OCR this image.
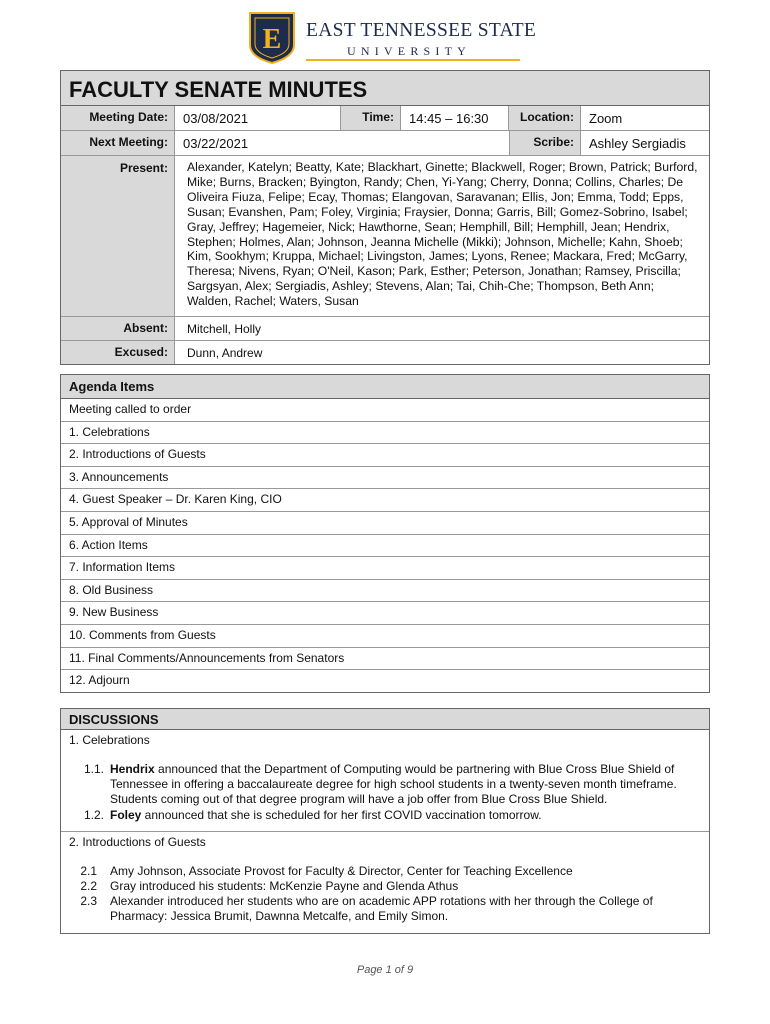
E EAST TENNESSEE STATE
UNIVERSITY
FACULTY SENATE MINUTES
Meeting Date:	03/08/2021	Time:	14:45 – 16:30	Location:	Zoom
Next Meeting:	03/22/2021	Scribe:	Ashley Sergiadis
Present:	Alexander, Katelyn; Beatty, Kate; Blackhart, Ginette; Blackwell, Roger; Brown, Patrick; Burford, Mike; Burns, Bracken; Byington, Randy; Chen, Yi-Yang; Cherry, Donna; Collins, Charles; De Oliveira Fiuza, Felipe; Ecay, Thomas; Elangovan, Saravanan; Ellis, Jon; Emma, Todd; Epps, Susan; Evanshen, Pam; Foley, Virginia; Fraysier, Donna; Garris, Bill; Gomez-Sobrino, Isabel; Gray, Jeffrey; Hagemeier, Nick; Hawthorne, Sean; Hemphill, Bill; Hemphill, Jean; Hendrix, Stephen; Holmes, Alan; Johnson, Jeanna Michelle (Mikki); Johnson, Michelle; Kahn, Shoeb; Kim, Sookhym; Kruppa, Michael; Livingston, James; Lyons, Renee; Mackara, Fred; McGarry, Theresa; Nivens, Ryan; O'Neil, Kason; Park, Esther; Peterson, Jonathan; Ramsey, Priscilla; Sargsyan, Alex; Sergiadis, Ashley; Stevens, Alan; Tai, Chih-Che; Thompson, Beth Ann; Walden, Rachel; Waters, Susan
Absent:	Mitchell, Holly
Excused:	Dunn, Andrew
Agenda Items
Meeting called to order
1. Celebrations
2. Introductions of Guests
3. Announcements
4. Guest Speaker – Dr. Karen King, CIO
5. Approval of Minutes
6. Action Items
7. Information Items
8. Old Business
9. New Business
10. Comments from Guests
11. Final Comments/Announcements from Senators
12. Adjourn
DISCUSSIONS
1. Celebrations
1.1. Hendrix announced that the Department of Computing would be partnering with Blue Cross Blue Shield of Tennessee in offering a baccalaureate degree for high school students in a twenty-seven month timeframe. Students coming out of that degree program will have a job offer from Blue Cross Blue Shield.
1.2. Foley announced that she is scheduled for her first COVID vaccination tomorrow.
2. Introductions of Guests
2.1	Amy Johnson, Associate Provost for Faculty & Director, Center for Teaching Excellence
2.2	Gray introduced his students: McKenzie Payne and Glenda Athus
2.3	Alexander introduced her students who are on academic APP rotations with her through the College of Pharmacy: Jessica Brumit, Dawnna Metcalfe, and Emily Simon.
Page 1 of 9
